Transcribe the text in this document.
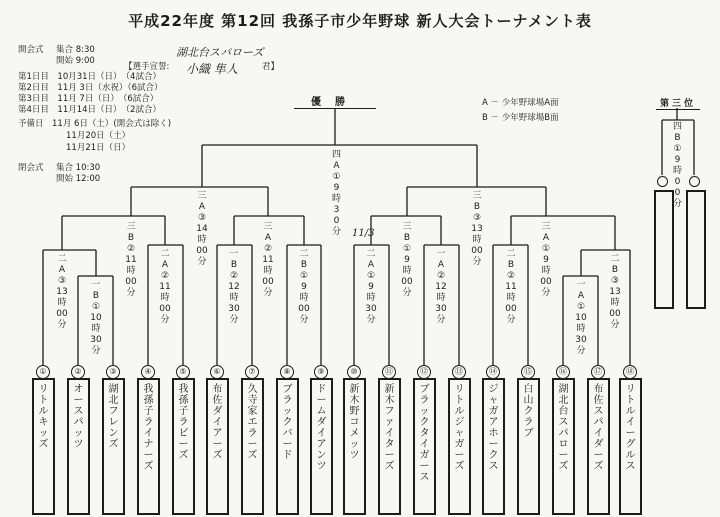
平成22年度 第12回 我孫子市少年野球 新人大会トーナメント表
開会式 集合 8:30
開始 9:00
【選手宣誓:	君】
湖北台スパローズ
小織 隼人
第1日目　10月31日（日）　（4試合）
第2日目　11月 3日（水祝）（6試合）
第3日目　11月 7日（日）　（6試合）
第4日目　11月14日（日）　（2試合）
予備日　11月 6日（土）(開会式は除く)
11月20日（土）
11月21日（日）
閉会式 集合 10:30
開始 12:00
優勝	A － 少年野球場A面
B － 少年野球場B面
第三位
四A① 9時30分 11/3
三A③ 14時00分
三B③ 13時00分
三B② 11時00分
三A② 11時00分
三B① 9時00分
三A① 9時00分
二A③ 13時00分
二A② 11時00分
一B② 12時30分
二B① 9時00分
二A① 9時30分
一A② 12時30分
二B② 11時00分
二B③ 13時00分
一B① 10時30分
一A① 10時30分
四B① 9時00分
①	②	③	④	⑤	⑥	⑦	⑧	⑨	⑩	⑪	⑫	⑬	⑭	⑮	⑯	⑰	⑱
リトルキッズ
オースパッツ
湖北フレンズ
我孫子ライナーズ
我孫子ラビーズ
布佐ダイアーズ
久寺家エラーズ
ブラックバード
ドームダイアンツ
新木野コメッツ
新木ファイターズ
ブラックタイガース
リトルジャガーズ
ジャガアホークス
白山クラブ
湖北台スパローズ
布佐スパイダーズ
リトルイーグルス
